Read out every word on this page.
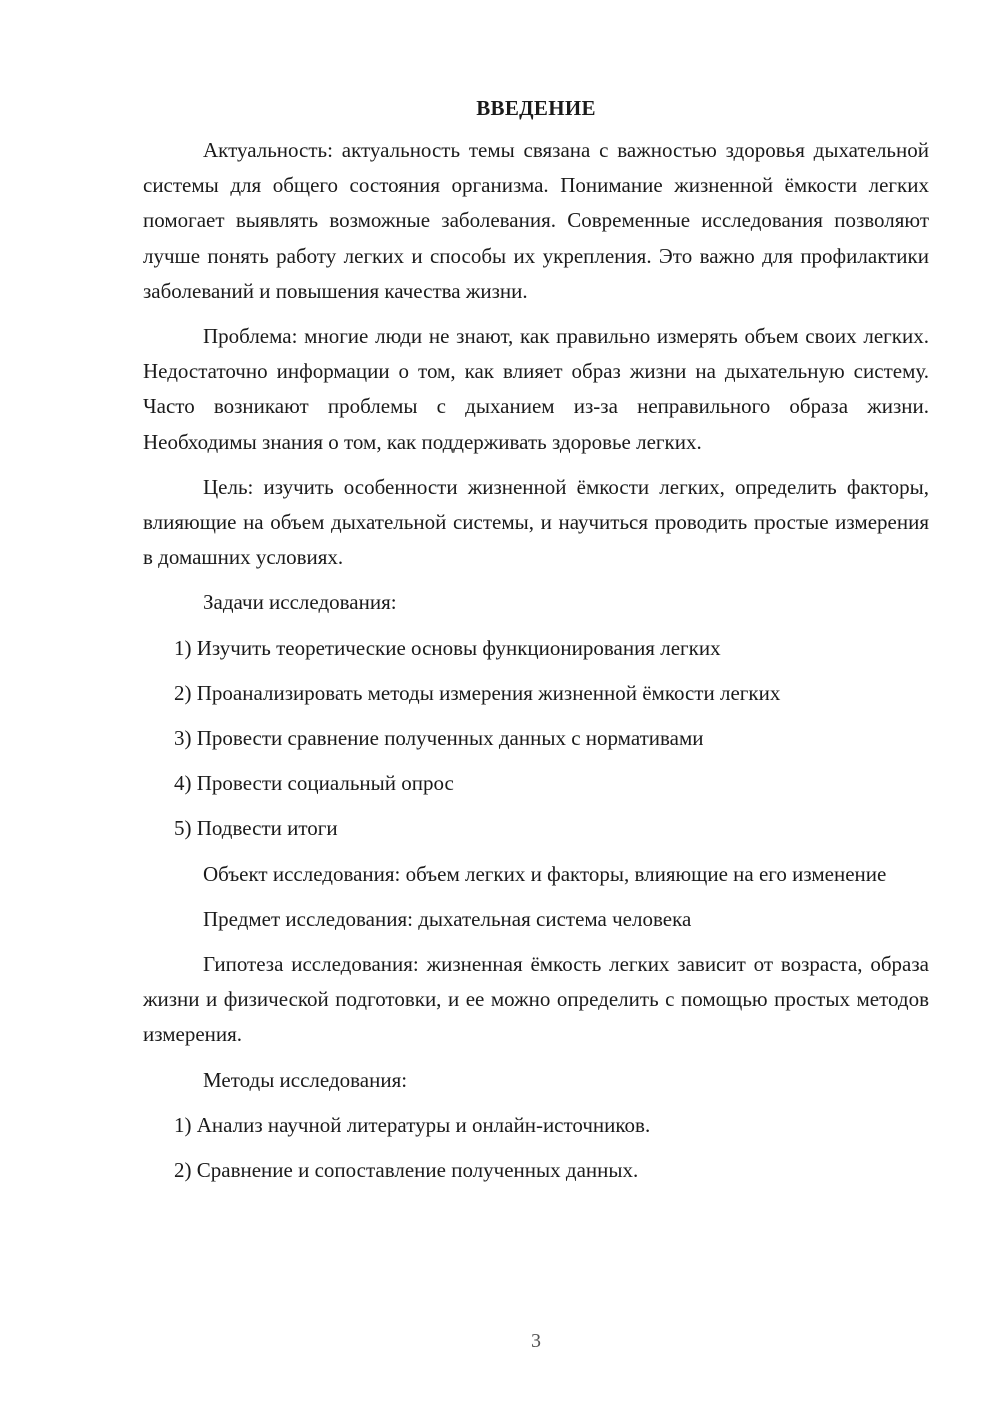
ВВЕДЕНИЕ

Актуальность: актуальность темы связана с важностью здоровья дыхательной системы для общего состояния организма. Понимание жизненной ёмкости легких помогает выявлять возможные заболевания. Современные исследования позволяют лучше понять работу легких и способы их укрепления. Это важно для профилактики заболеваний и повышения качества жизни.

Проблема: многие люди не знают, как правильно измерять объем своих легких. Недостаточно информации о том, как влияет образ жизни на дыхательную систему. Часто возникают проблемы с дыханием из-за неправильного образа жизни. Необходимы знания о том, как поддерживать здоровье легких.

Цель: изучить особенности жизненной ёмкости легких, определить факторы, влияющие на объем дыхательной системы, и научиться проводить простые измерения в домашних условиях.

Задачи исследования:

1) Изучить теоретические основы функционирования легких
2) Проанализировать методы измерения жизненной ёмкости легких
3) Провести сравнение полученных данных с нормативами
4) Провести социальный опрос
5) Подвести итоги

Объект исследования: объем легких и факторы, влияющие на его изменение

Предмет исследования: дыхательная система человека

Гипотеза исследования: жизненная ёмкость легких зависит от возраста, образа жизни и физической подготовки, и ее можно определить с помощью простых методов измерения.

Методы исследования:

1) Анализ научной литературы и онлайн-источников.
2) Сравнение и сопоставление полученных данных.
3
